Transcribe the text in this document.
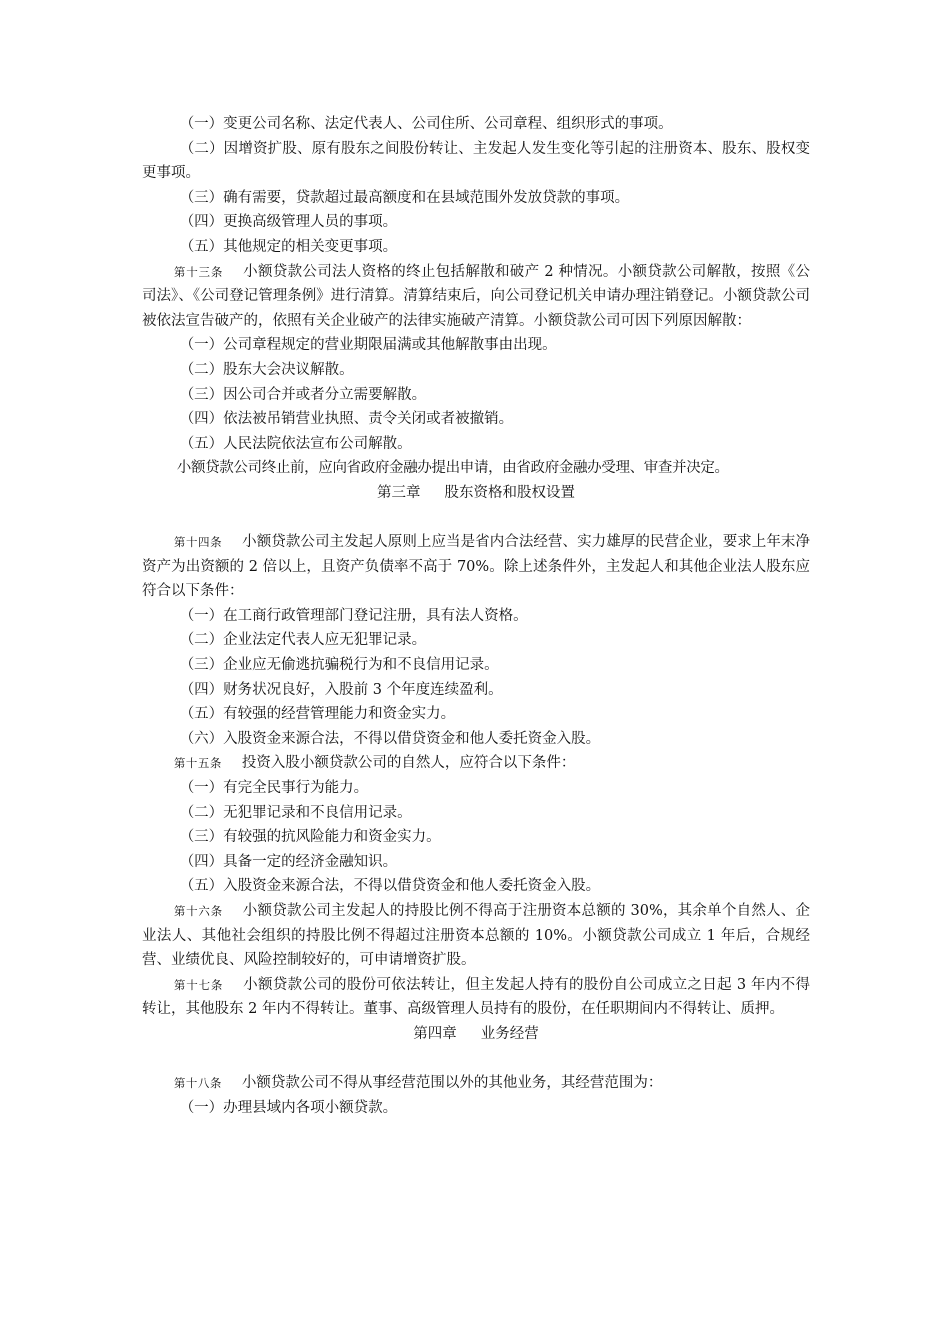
（一）变更公司名称、法定代表人、公司住所、公司章程、组织形式的事项。

（二）因增资扩股、原有股东之间股份转让、主发起人发生变化等引起的注册资本、股东、股权变更事项。

（三）确有需要，贷款超过最高额度和在县域范围外发放贷款的事项。

（四）更换高级管理人员的事项。

（五）其他规定的相关变更事项。

第十三条 小额贷款公司法人资格的终止包括解散和破产 2 种情况。小额贷款公司解散，按照《公司法》、《公司登记管理条例》进行清算。清算结束后，向公司登记机关申请办理注销登记。小额贷款公司被依法宣告破产的，依照有关企业破产的法律实施破产清算。小额贷款公司可因下列原因解散：

（一）公司章程规定的营业期限届满或其他解散事由出现。

（二）股东大会决议解散。

（三）因公司合并或者分立需要解散。

（四）依法被吊销营业执照、责令关闭或者被撤销。

（五）人民法院依法宣布公司解散。

小额贷款公司终止前，应向省政府金融办提出申请，由省政府金融办受理、审查并决定。

第三章 股东资格和股权设置

第十四条 小额贷款公司主发起人原则上应当是省内合法经营、实力雄厚的民营企业，要求上年末净资产为出资额的 2 倍以上，且资产负债率不高于 70%。除上述条件外，主发起人和其他企业法人股东应符合以下条件：

（一）在工商行政管理部门登记注册，具有法人资格。

（二）企业法定代表人应无犯罪记录。

（三）企业应无偷逃抗骗税行为和不良信用记录。

（四）财务状况良好，入股前 3 个年度连续盈利。

（五）有较强的经营管理能力和资金实力。

（六）入股资金来源合法，不得以借贷资金和他人委托资金入股。

第十五条 投资入股小额贷款公司的自然人，应符合以下条件：

（一）有完全民事行为能力。

（二）无犯罪记录和不良信用记录。

（三）有较强的抗风险能力和资金实力。

（四）具备一定的经济金融知识。

（五）入股资金来源合法，不得以借贷资金和他人委托资金入股。

第十六条 小额贷款公司主发起人的持股比例不得高于注册资本总额的 30%，其余单个自然人、企业法人、其他社会组织的持股比例不得超过注册资本总额的 10%。小额贷款公司成立 1 年后，合规经营、业绩优良、风险控制较好的，可申请增资扩股。

第十七条 小额贷款公司的股份可依法转让，但主发起人持有的股份自公司成立之日起 3 年内不得转让，其他股东 2 年内不得转让。董事、高级管理人员持有的股份，在任职期间内不得转让、质押。

第四章 业务经营

第十八条 小额贷款公司不得从事经营范围以外的其他业务，其经营范围为：

（一）办理县域内各项小额贷款。
